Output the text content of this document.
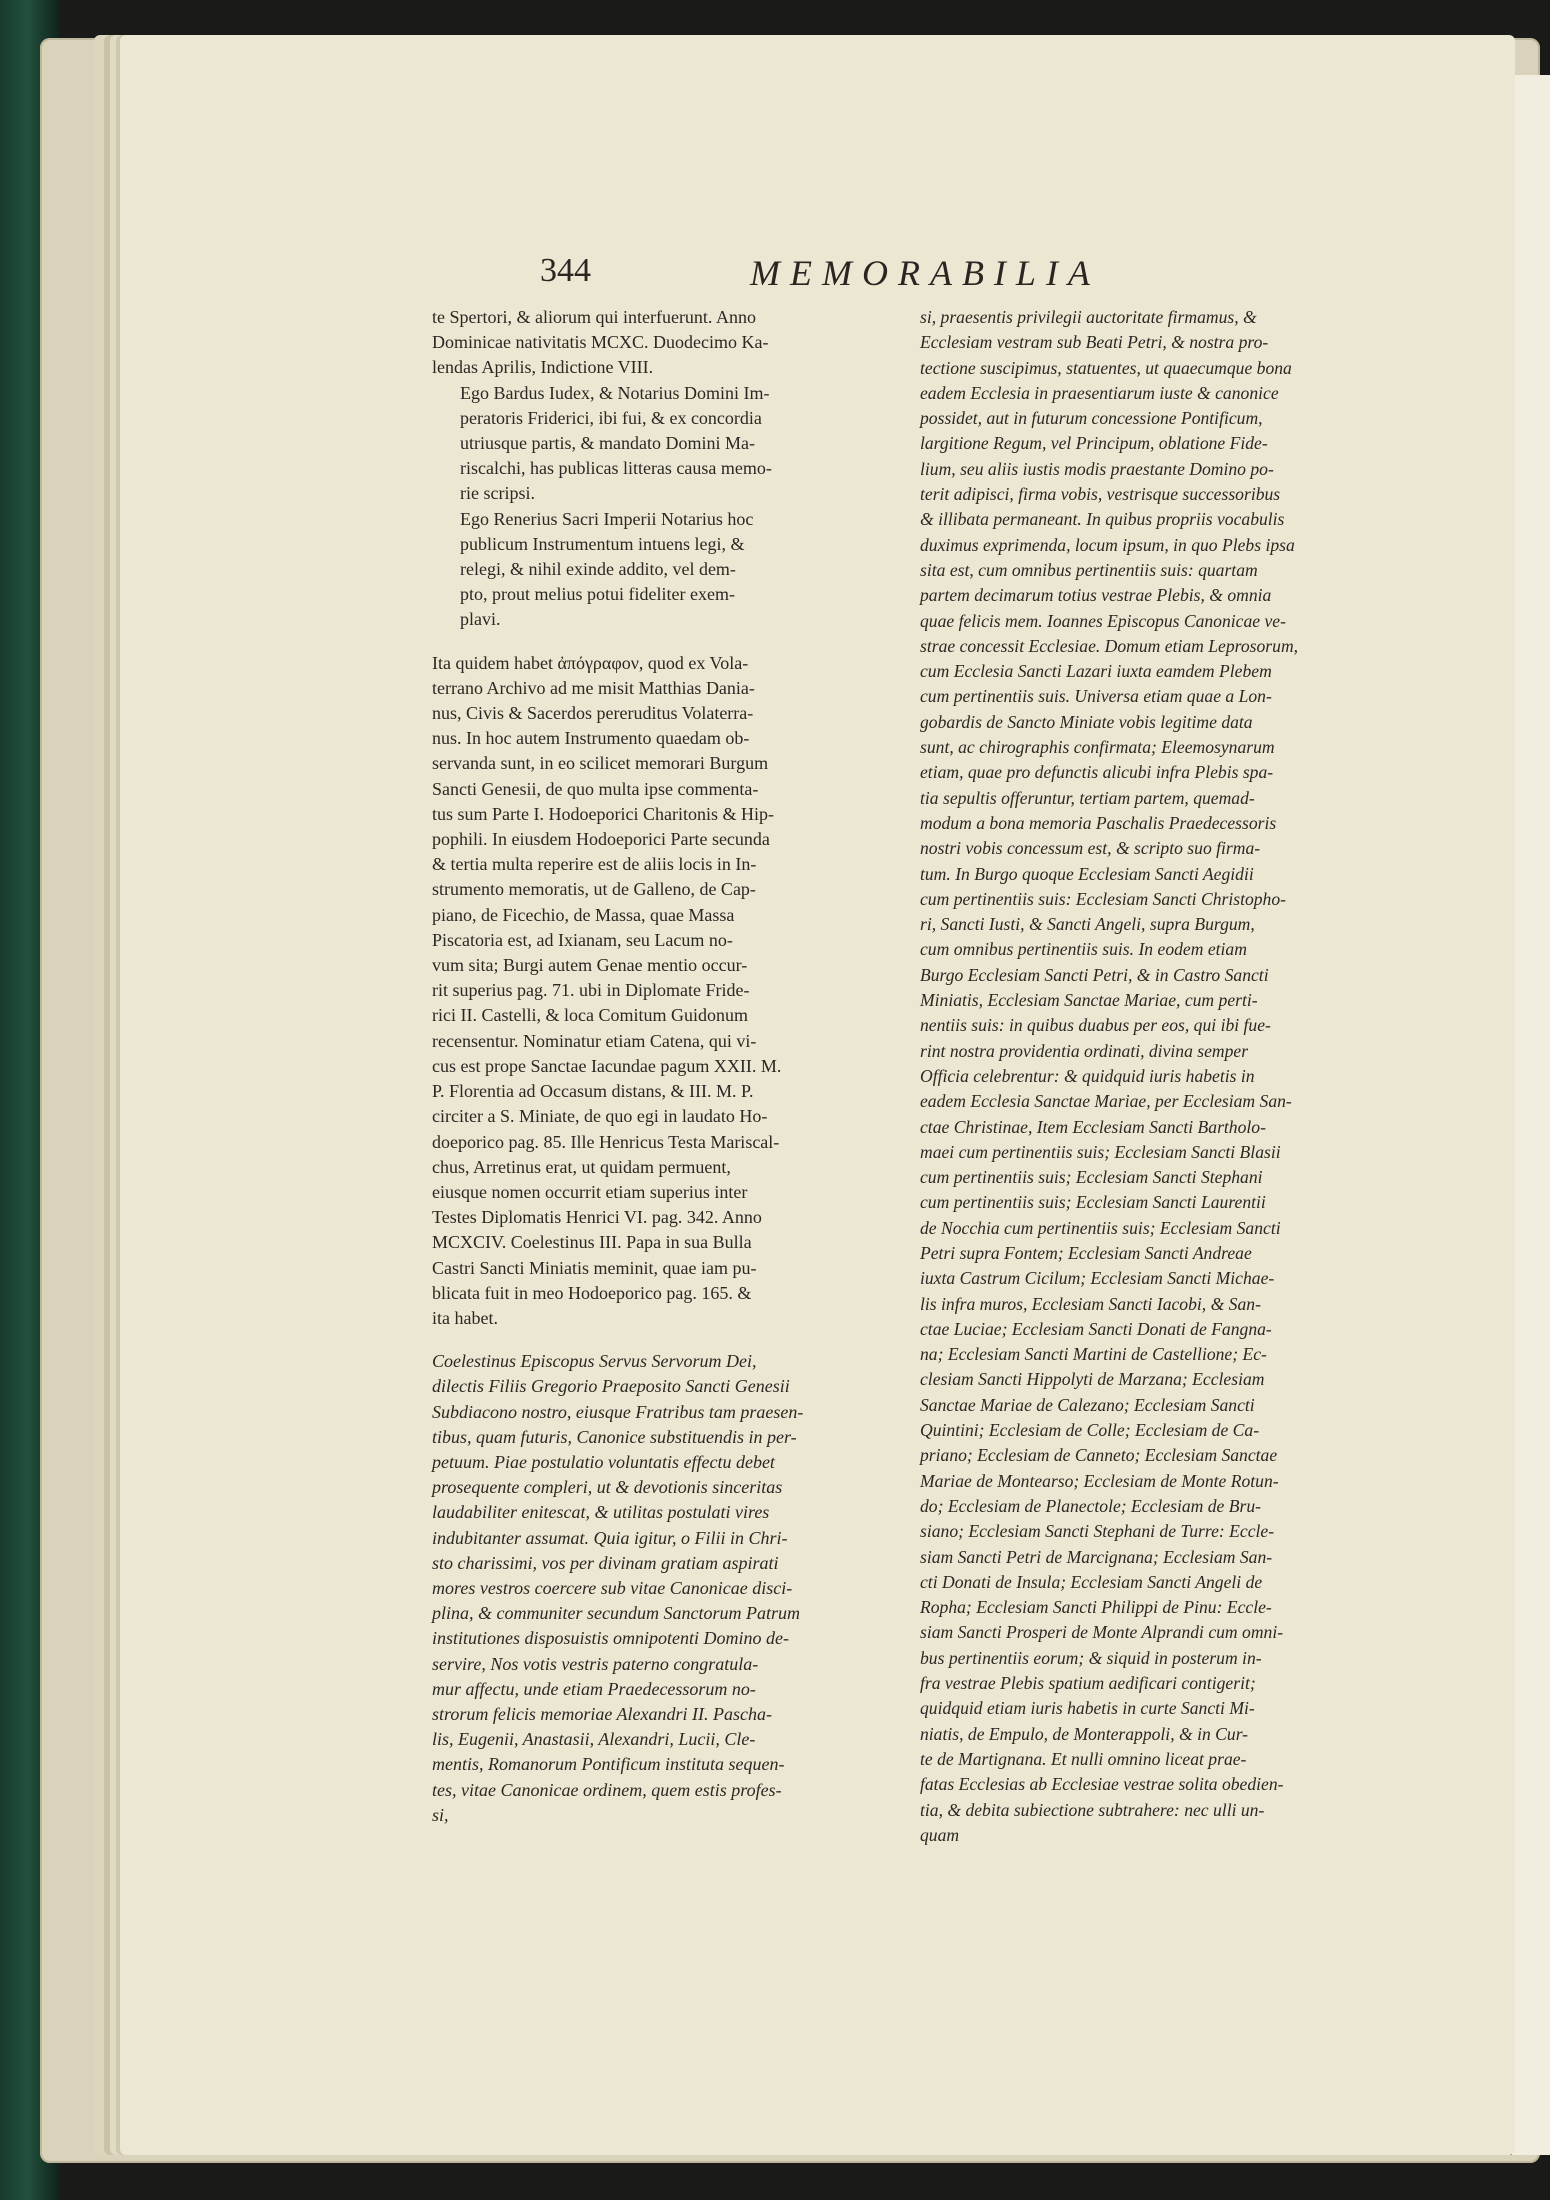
344	MEMORABILIA
te Spertori, & aliorum qui interfuerunt. Anno
Dominicae nativitatis MCXC. Duodecimo Ka-
lendas Aprilis, Indictione VIII.
Ego Bardus Iudex, & Notarius Domini Im-
peratoris Friderici, ibi fui, & ex concordia
utriusque partis, & mandato Domini Ma-
riscalchi, has publicas litteras causa memo-
rie scripsi.
Ego Renerius Sacri Imperii Notarius hoc
publicum Instrumentum intuens legi, &
relegi, & nihil exinde addito, vel dem-
pto, prout melius potui fideliter exem-
plavi.
Ita quidem habet ἀπόγραφον, quod ex Vola-
terrano Archivo ad me misit Matthias Dania-
nus, Civis & Sacerdos pereruditus Volaterra-
nus. In hoc autem Instrumento quaedam ob-
servanda sunt, in eo scilicet memorari Burgum
Sancti Genesii, de quo multa ipse commenta-
tus sum Parte I. Hodoeporici Charitonis & Hip-
pophili. In eiusdem Hodoeporici Parte secunda
& tertia multa reperire est de aliis locis in In-
strumento memoratis, ut de Galleno, de Cap-
piano, de Ficechio, de Massa, quae Massa
Piscatoria est, ad Ixianam, seu Lacum no-
vum sita; Burgi autem Genae mentio occur-
rit superius pag. 71. ubi in Diplomate Fride-
rici II. Castelli, & loca Comitum Guidonum
recensentur. Nominatur etiam Catena, qui vi-
cus est prope Sanctae Iacundae pagum XXII. M.
P. Florentia ad Occasum distans, & III. M. P.
circiter a S. Miniate, de quo egi in laudato Ho-
doeporico pag. 85. Ille Henricus Testa Mariscal-
chus, Arretinus erat, ut quidam permuent,
eiusque nomen occurrit etiam superius inter
Testes Diplomatis Henrici VI. pag. 342. Anno
MCXCIV. Coelestinus III. Papa in sua Bulla
Castri Sancti Miniatis meminit, quae iam pu-
blicata fuit in meo Hodoeporico pag. 165. &
ita habet.
Coelestinus Episcopus Servus Servorum Dei,
dilectis Filiis Gregorio Praeposito Sancti Genesii
Subdiacono nostro, eiusque Fratribus tam praesen-
tibus, quam futuris, Canonice substituendis in per-
petuum. Piae postulatio voluntatis effectu debet
prosequente compleri, ut & devotionis sinceritas
laudabiliter enitescat, & utilitas postulati vires
indubitanter assumat. Quia igitur, o Filii in Chri-
sto charissimi, vos per divinam gratiam aspirati
mores vestros coercere sub vitae Canonicae disci-
plina, & communiter secundum Sanctorum Patrum
institutiones disposuistis omnipotenti Domino de-
servire, Nos votis vestris paterno congratula-
mur affectu, unde etiam Praedecessorum no-
strorum felicis memoriae Alexandri II. Pascha-
lis, Eugenii, Anastasii, Alexandri, Lucii, Cle-
mentis, Romanorum Pontificum instituta sequen-
tes, vitae Canonicae ordinem, quem estis profes-
si,
si, praesentis privilegii auctoritate firmamus, &
Ecclesiam vestram sub Beati Petri, & nostra pro-
tectione suscipimus, statuentes, ut quaecumque bona
eadem Ecclesia in praesentiarum iuste & canonice
possidet, aut in futurum concessione Pontificum,
largitione Regum, vel Principum, oblatione Fide-
lium, seu aliis iustis modis praestante Domino po-
terit adipisci, firma vobis, vestrisque successoribus
& illibata permaneant. In quibus propriis vocabulis
duximus exprimenda, locum ipsum, in quo Plebs ipsa
sita est, cum omnibus pertinentiis suis: quartam
partem decimarum totius vestrae Plebis, & omnia
quae felicis mem. Ioannes Episcopus Canonicae ve-
strae concessit Ecclesiae. Domum etiam Leprosorum,
cum Ecclesia Sancti Lazari iuxta eamdem Plebem
cum pertinentiis suis. Universa etiam quae a Lon-
gobardis de Sancto Miniate vobis legitime data
sunt, ac chirographis confirmata; Eleemosynarum
etiam, quae pro defunctis alicubi infra Plebis spa-
tia sepultis offeruntur, tertiam partem, quemad-
modum a bona memoria Paschalis Praedecessoris
nostri vobis concessum est, & scripto suo firma-
tum. In Burgo quoque Ecclesiam Sancti Aegidii
cum pertinentiis suis: Ecclesiam Sancti Christopho-
ri, Sancti Iusti, & Sancti Angeli, supra Burgum,
cum omnibus pertinentiis suis. In eodem etiam
Burgo Ecclesiam Sancti Petri, & in Castro Sancti
Miniatis, Ecclesiam Sanctae Mariae, cum perti-
nentiis suis: in quibus duabus per eos, qui ibi fue-
rint nostra providentia ordinati, divina semper
Officia celebrentur: & quidquid iuris habetis in
eadem Ecclesia Sanctae Mariae, per Ecclesiam San-
ctae Christinae, Item Ecclesiam Sancti Bartholo-
maei cum pertinentiis suis; Ecclesiam Sancti Blasii
cum pertinentiis suis; Ecclesiam Sancti Stephani
cum pertinentiis suis; Ecclesiam Sancti Laurentii
de Nocchia cum pertinentiis suis; Ecclesiam Sancti
Petri supra Fontem; Ecclesiam Sancti Andreae
iuxta Castrum Cicilum; Ecclesiam Sancti Michae-
lis infra muros, Ecclesiam Sancti Iacobi, & San-
ctae Luciae; Ecclesiam Sancti Donati de Fangna-
na; Ecclesiam Sancti Martini de Castellione; Ec-
clesiam Sancti Hippolyti de Marzana; Ecclesiam
Sanctae Mariae de Calezano; Ecclesiam Sancti
Quintini; Ecclesiam de Colle; Ecclesiam de Ca-
priano; Ecclesiam de Canneto; Ecclesiam Sanctae
Mariae de Montearso; Ecclesiam de Monte Rotun-
do; Ecclesiam de Planectole; Ecclesiam de Bru-
siano; Ecclesiam Sancti Stephani de Turre: Eccle-
siam Sancti Petri de Marcignana; Ecclesiam San-
cti Donati de Insula; Ecclesiam Sancti Angeli de
Ropha; Ecclesiam Sancti Philippi de Pinu: Eccle-
siam Sancti Prosperi de Monte Alprandi cum omni-
bus pertinentiis eorum; & siquid in posterum in-
fra vestrae Plebis spatium aedificari contigerit;
quidquid etiam iuris habetis in curte Sancti Mi-
niatis, de Empulo, de Monterappoli, & in Cur-
te de Martignana. Et nulli omnino liceat prae-
fatas Ecclesias ab Ecclesiae vestrae solita obedien-
tia, & debita subiectione subtrahere: nec ulli un-
quam
